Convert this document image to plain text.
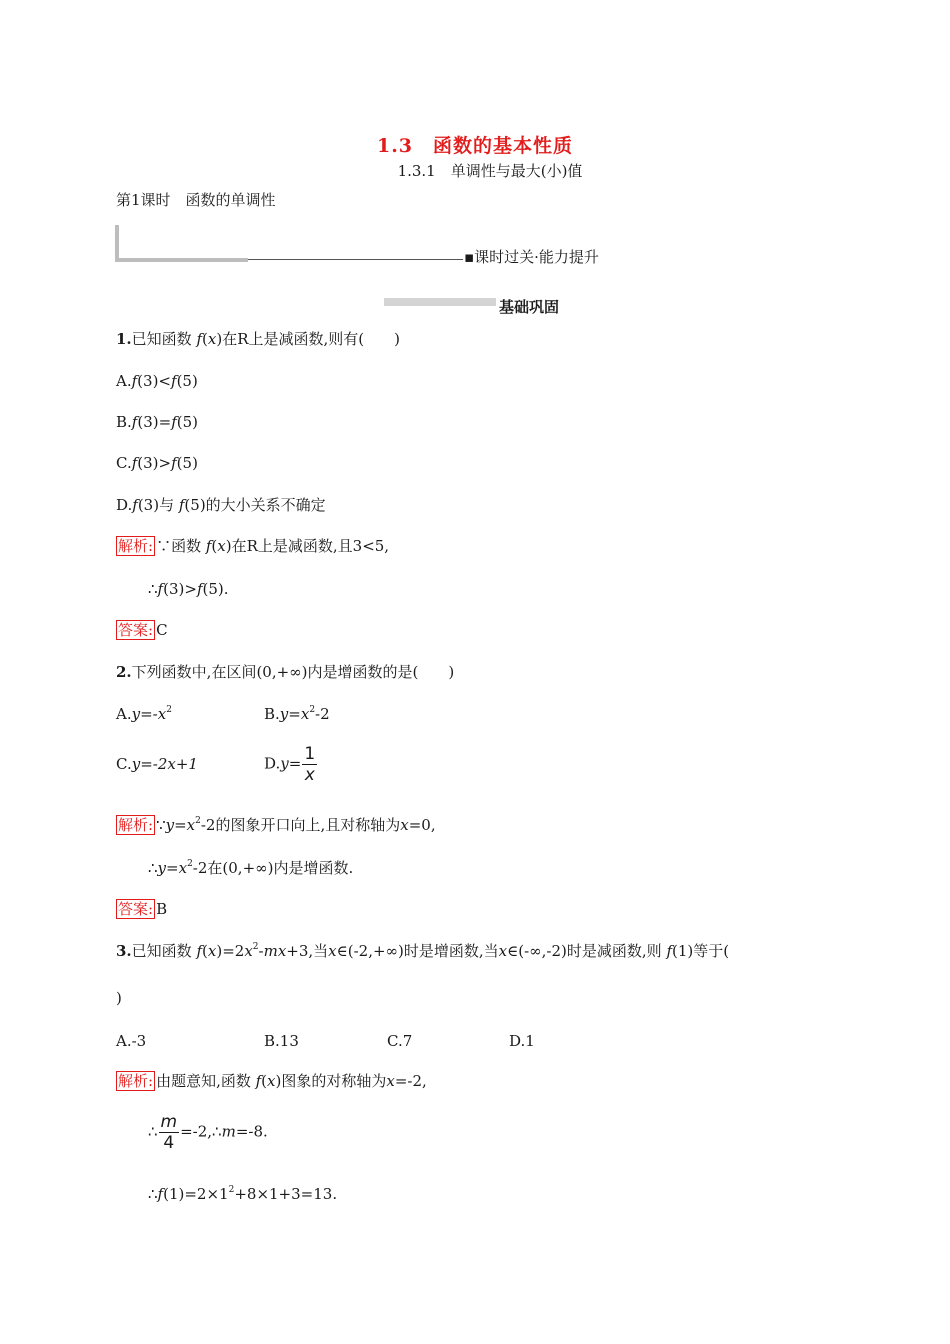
1.3　函数的基本性质
1.3.1　单调性与最大(小)值
第1课时　函数的单调性
▪课时过关·能力提升
基础巩固
1.已知函数 f(x)在R上是减函数,则有(　　)
A.f(3)<f(5)
B.f(3)=f(5)
C.f(3)>f(5)
D.f(3)与 f(5)的大小关系不确定
解析: ∵函数 f(x)在R上是减函数,且3<5,
∴f(3)>f(5).
答案: C
2.下列函数中,在区间(0,+∞)内是增函数的是(　　)
$A.y=-x^2$	$B.y=x^2-2$
C.y=-2x+1	$D.y= \frac{1}{x}$
解析: $\because y=x^2-2$的图象开口向上,且对称轴为x=0,
$\therefore y=x^2-2$在(0,+∞)内是增函数.
答案: B
3.已知函数 $f(x)=2x^2-mx+3$,当x∈(-2,+∞)时是增函数,当x∈(-∞,-2)时是减函数,则 f(1)等于(
)
A.-3	B.13	C.7	D.1
解析: 由题意知,函数 f(x)图象的对称轴为x=-2,
∴ $\frac{m}{4}$ =-2,∴m=-8.
$\therefore f(1)=2\times 1^2+8\times 1+3=13$.
